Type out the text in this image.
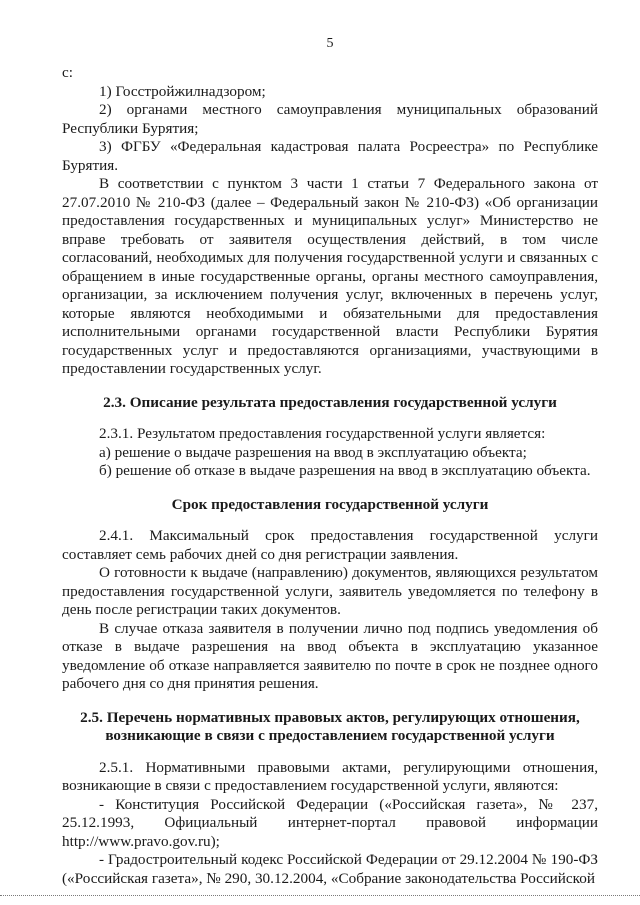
5

с:

1) Госстройжилнадзором;

2) органами местного самоуправления муниципальных образований Республики Бурятия;

3) ФГБУ «Федеральная кадастровая палата Росреестра» по Республике Бурятия.

В соответствии с пунктом 3 части 1 статьи 7 Федерального закона от 27.07.2010 № 210-ФЗ (далее – Федеральный закон № 210-ФЗ) «Об организации предоставления государственных и муниципальных услуг» Министерство не вправе требовать от заявителя осуществления действий, в том числе согласований, необходимых для получения государственной услуги и связанных с обращением в иные государственные органы, органы местного самоуправления, организации, за исключением получения услуг, включенных в перечень услуг, которые являются необходимыми и обязательными для предоставления исполнительными органами государственной власти Республики Бурятия государственных услуг и предоставляются организациями, участвующими в предоставлении государственных услуг.

2.3. Описание результата предоставления государственной услуги

2.3.1. Результатом предоставления государственной услуги является:

а) решение о выдаче разрешения на ввод в эксплуатацию объекта;

б) решение об отказе в выдаче разрешения на ввод в эксплуатацию объекта.

Срок предоставления государственной услуги

2.4.1. Максимальный срок предоставления государственной услуги составляет семь рабочих дней со дня регистрации заявления.

О готовности к выдаче (направлению) документов, являющихся результатом предоставления государственной услуги, заявитель уведомляется по телефону в день после регистрации таких документов.

В случае отказа заявителя в получении лично под подпись уведомления об отказе в выдаче разрешения на ввод объекта в эксплуатацию указанное уведомление об отказе направляется заявителю по почте в срок не позднее одного рабочего дня со дня принятия решения.

2.5. Перечень нормативных правовых актов, регулирующих отношения,
возникающие в связи с предоставлением государственной услуги

2.5.1. Нормативными правовыми актами, регулирующими отношения, возникающие в связи с предоставлением государственной услуги, являются:

- Конституция Российской Федерации («Российская газета», № 237, 25.12.1993, Официальный интернет-портал правовой информации http://www.pravo.gov.ru);

- Градостроительный кодекс Российской Федерации от 29.12.2004 № 190-ФЗ («Российская газета», № 290, 30.12.2004, «Собрание законодательства Российской
